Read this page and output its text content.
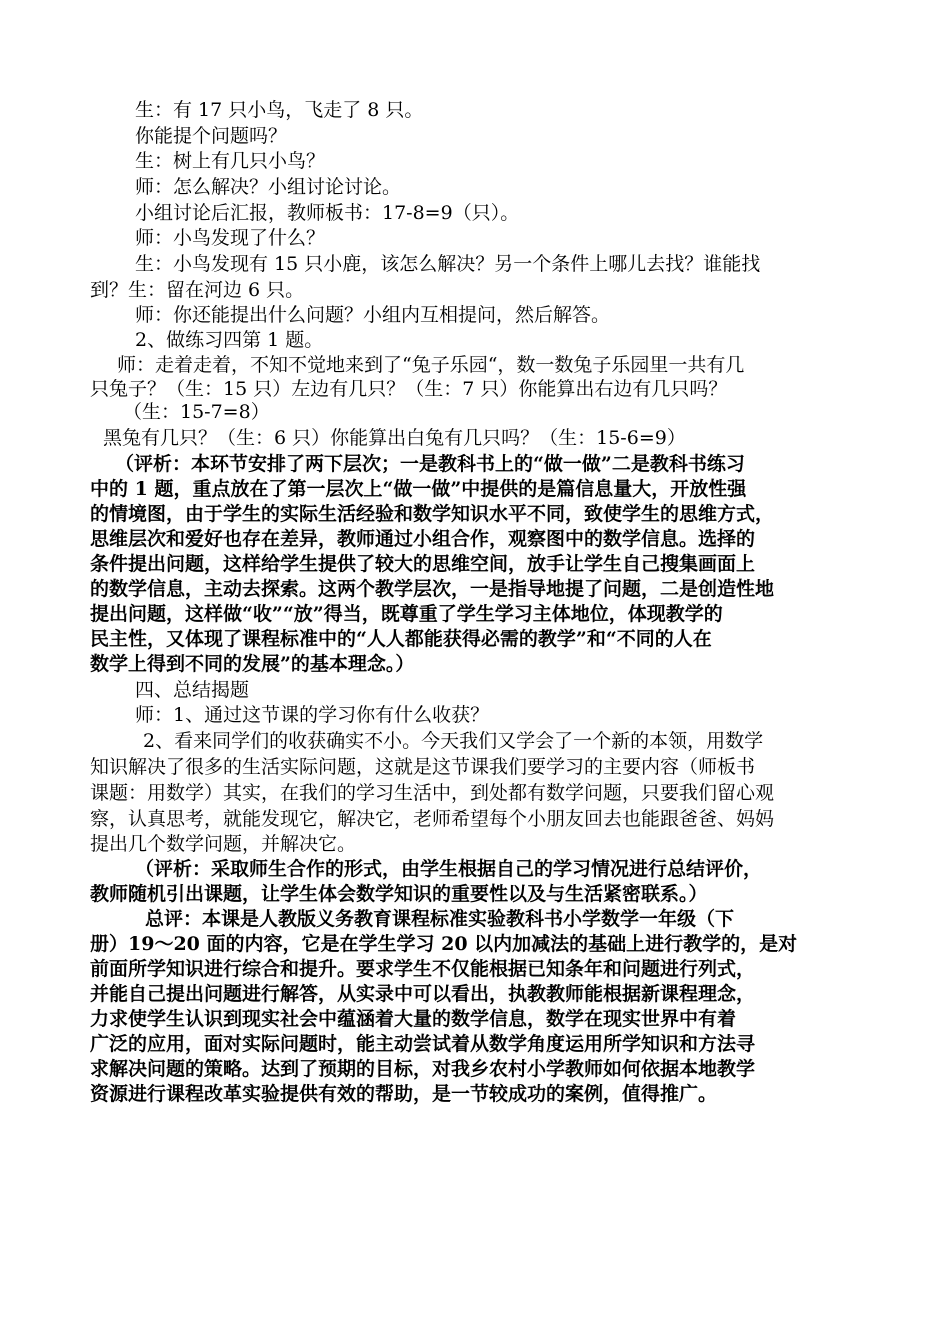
生：有 17 只小鸟，飞走了 8 只。
你能提个问题吗？
生：树上有几只小鸟？
师：怎么解决？小组讨论讨论。
小组讨论后汇报，教师板书：17-8=9（只）。
师：小鸟发现了什么？
生：小鸟发现有 15 只小鹿，该怎么解决？另一个条件上哪儿去找？谁能找
到？生：留在河边 6 只。
师：你还能提出什么问题？小组内互相提问，然后解答。
2、做练习四第 1 题。
师：走着走着，不知不觉地来到了“兔子乐园“，数一数兔子乐园里一共有几
只兔子？（生：15 只）左边有几只？（生：7 只）你能算出右边有几只吗？
（生：15-7=8）
黑兔有几只？（生：6 只）你能算出白兔有几只吗？（生：15-6=9）
（评析：本环节安排了两下层次；一是教科书上的“做一做”二是教科书练习
中的 1 题，重点放在了第一层次上“做一做”中提供的是篇信息量大，开放性强
的情境图，由于学生的实际生活经验和数学知识水平不同，致使学生的思维方式，
思维层次和爱好也存在差异，教师通过小组合作，观察图中的数学信息。选择的
条件提出问题，这样给学生提供了较大的思维空间，放手让学生自己搜集画面上
的数学信息，主动去探索。这两个教学层次，一是指导地提了问题，二是创造性地
提出问题，这样做“收”“放”得当，既尊重了学生学习主体地位，体现教学的
民主性，又体现了课程标准中的“人人都能获得必需的教学”和“不同的人在
数学上得到不同的发展”的基本理念。）
四、总结揭题
师：1、通过这节课的学习你有什么收获？
2、看来同学们的收获确实不小。今天我们又学会了一个新的本领，用数学
知识解决了很多的生活实际问题，这就是这节课我们要学习的主要内容（师板书
课题：用数学）其实，在我们的学习生活中，到处都有数学问题，只要我们留心观
察，认真思考，就能发现它，解决它，老师希望每个小朋友回去也能跟爸爸、妈妈
提出几个数学问题，并解决它。
（评析：采取师生合作的形式，由学生根据自己的学习情况进行总结评价，
教师随机引出课题，让学生体会数学知识的重要性以及与生活紧密联系。）
总评：本课是人教版义务教育课程标准实验教科书小学数学一年级（下
册）19～20 面的内容，它是在学生学习 20 以内加减法的基础上进行教学的，是对
前面所学知识进行综合和提升。要求学生不仅能根据已知条年和问题进行列式，
并能自己提出问题进行解答，从实录中可以看出，执教教师能根据新课程理念，
力求使学生认识到现实社会中蕴涵着大量的数学信息，数学在现实世界中有着
广泛的应用，面对实际问题时，能主动尝试着从数学角度运用所学知识和方法寻
求解决问题的策略。达到了预期的目标，对我乡农村小学教师如何依据本地教学
资源进行课程改革实验提供有效的帮助，是一节较成功的案例，值得推广。
